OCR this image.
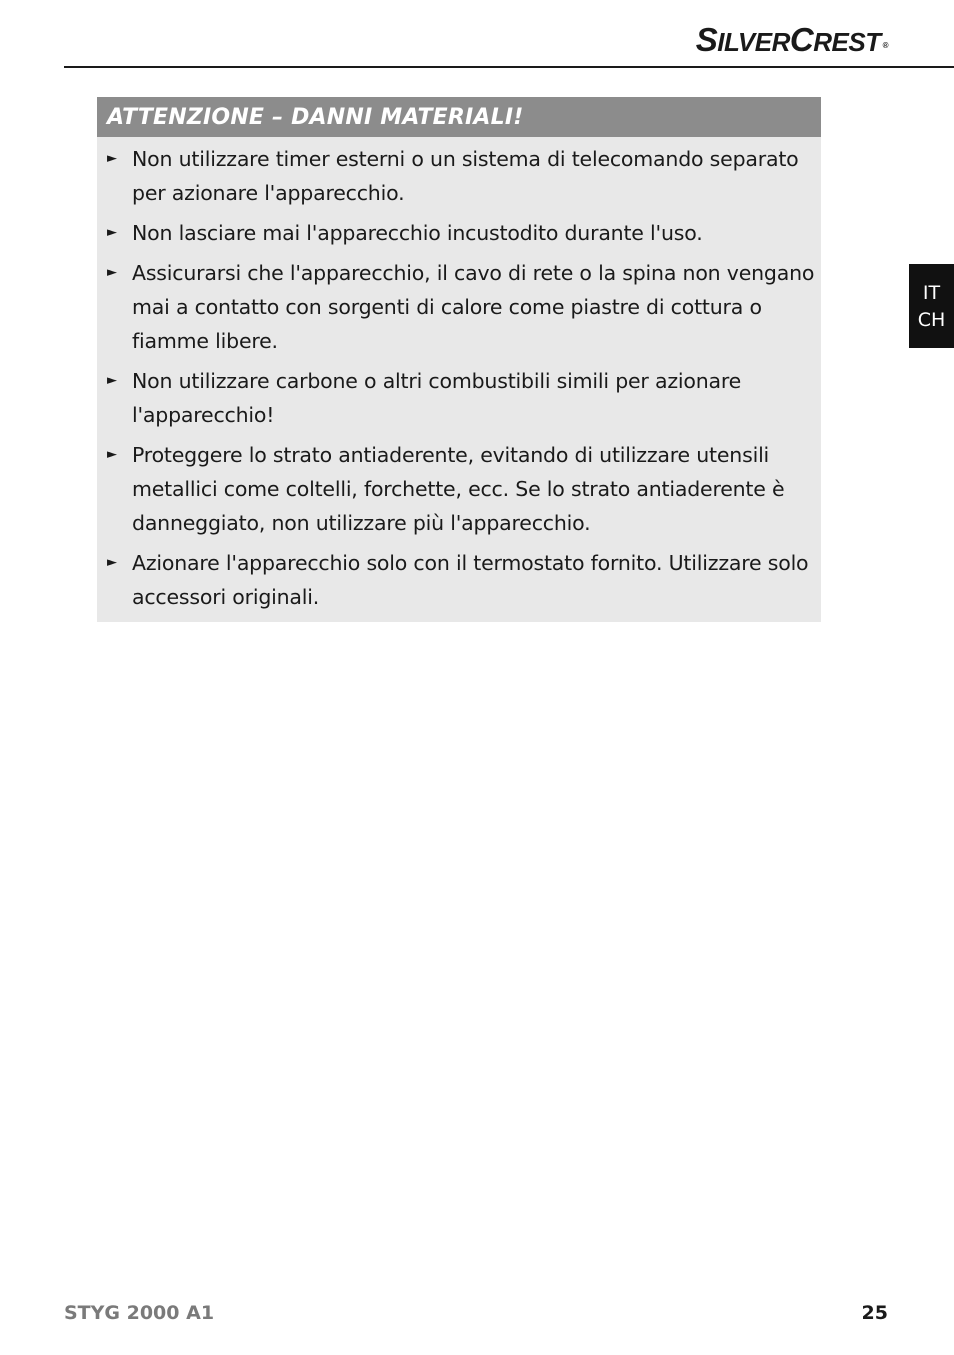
SILVERCREST ®
IT
CH
ATTENZIONE – DANNI MATERIALI!
► Non utilizzare timer esterni o un sistema di telecomando separato per azionare l'apparecchio.
► Non lasciare mai l'apparecchio incustodito durante l'uso.
► Assicurarsi che l'apparecchio, il cavo di rete o la spina non vengano mai a contatto con sorgenti di calore come piastre di cottura o fiamme libere.
► Non utilizzare carbone o altri combustibili simili per azionare l'apparecchio!
► Proteggere lo strato antiaderente, evitando di utilizzare utensili metallici come coltelli, forchette, ecc. Se lo strato antiaderente è danneggiato, non utilizzare più l'apparecchio.
► Azionare l'apparecchio solo con il termostato fornito. Utilizzare solo accessori originali.
STYG 2000 A1	25
